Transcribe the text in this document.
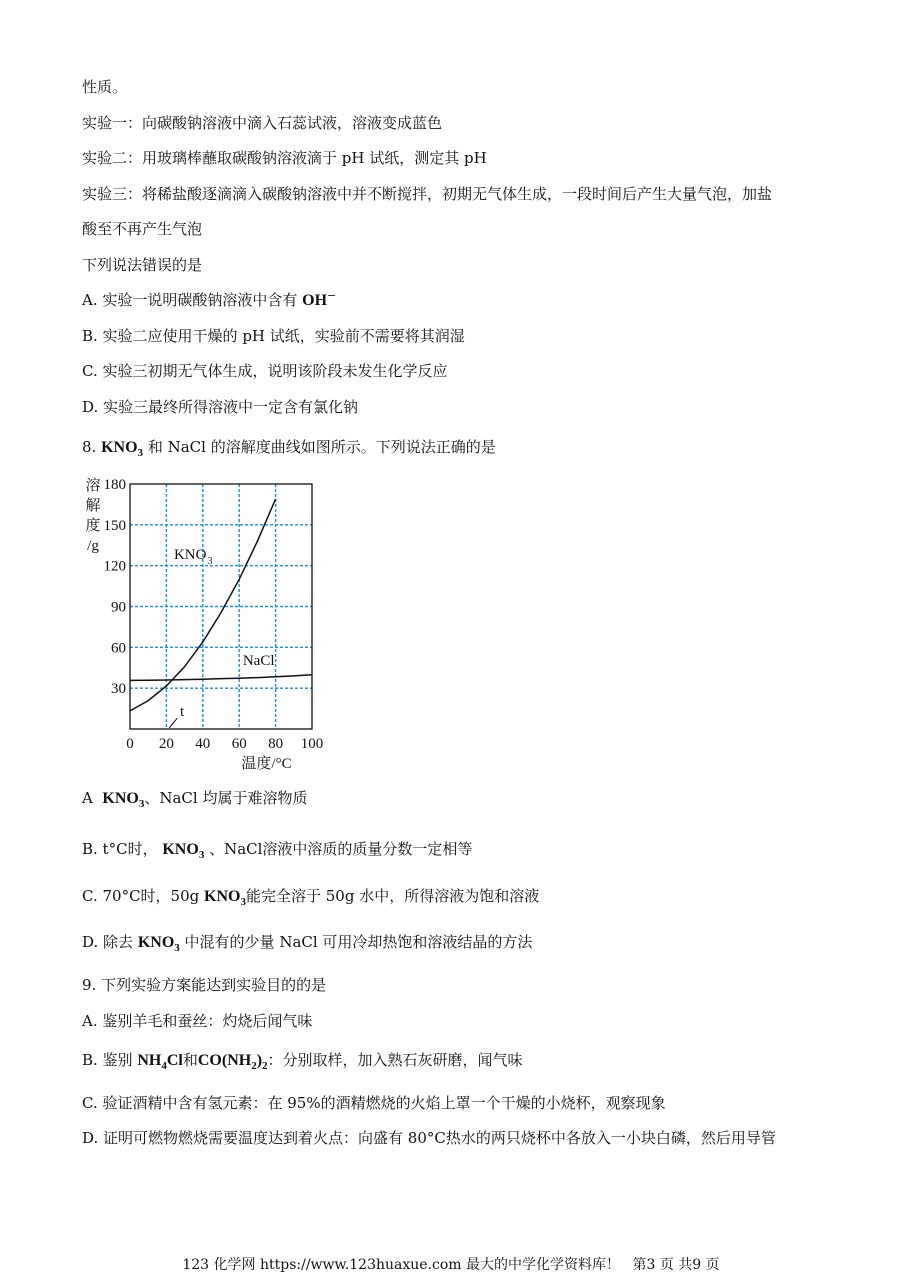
性质。
实验一：向碳酸钠溶液中滴入石蕊试液，溶液变成蓝色
实验二：用玻璃棒蘸取碳酸钠溶液滴于 pH 试纸，测定其 pH
实验三：将稀盐酸逐滴滴入碳酸钠溶液中并不断搅拌，初期无气体生成，一段时间后产生大量气泡，加盐
酸至不再产生气泡
下列说法错误的是
A. 实验一说明碳酸钠溶液中含有 OH−
B. 实验二应使用干燥的 pH 试纸，实验前不需要将其润湿
C. 实验三初期无气体生成，说明该阶段未发生化学反应
D. 实验三最终所得溶液中一定含有氯化钠
8. $KNO_3$ 和 NaCl 的溶解度曲线如图所示。下列说法正确的是
0 20 40 60 80 100
30
60
90
120
150
180
溶
解
度
/g
温度/°C
KNO 3
NaCl
t
A $KNO_3$、NaCl 均属于难溶物质
B. t°C时， $KNO_3$ 、NaCl溶液中溶质的质量分数一定相等
C. 70°C时，50g $KNO_3$能完全溶于 50g 水中，所得溶液为饱和溶液
D. 除去 $KNO_3$ 中混有的少量 NaCl 可用冷却热饱和溶液结晶的方法
9. 下列实验方案能达到实验目的的是
A. 鉴别羊毛和蚕丝：灼烧后闻气味
B. 鉴别 $NH_4Cl$和$CO(NH_2)_2$：分别取样，加入熟石灰研磨，闻气味
C. 验证酒精中含有氢元素：在 95%的酒精燃烧的火焰上罩一个干燥的小烧杯，观察现象
D. 证明可燃物燃烧需要温度达到着火点：向盛有 80°C热水的两只烧杯中各放入一小块白磷，然后用导管
123 化学网 https://www.123huaxue.com 最大的中学化学资料库！ 第3 页 共9 页
